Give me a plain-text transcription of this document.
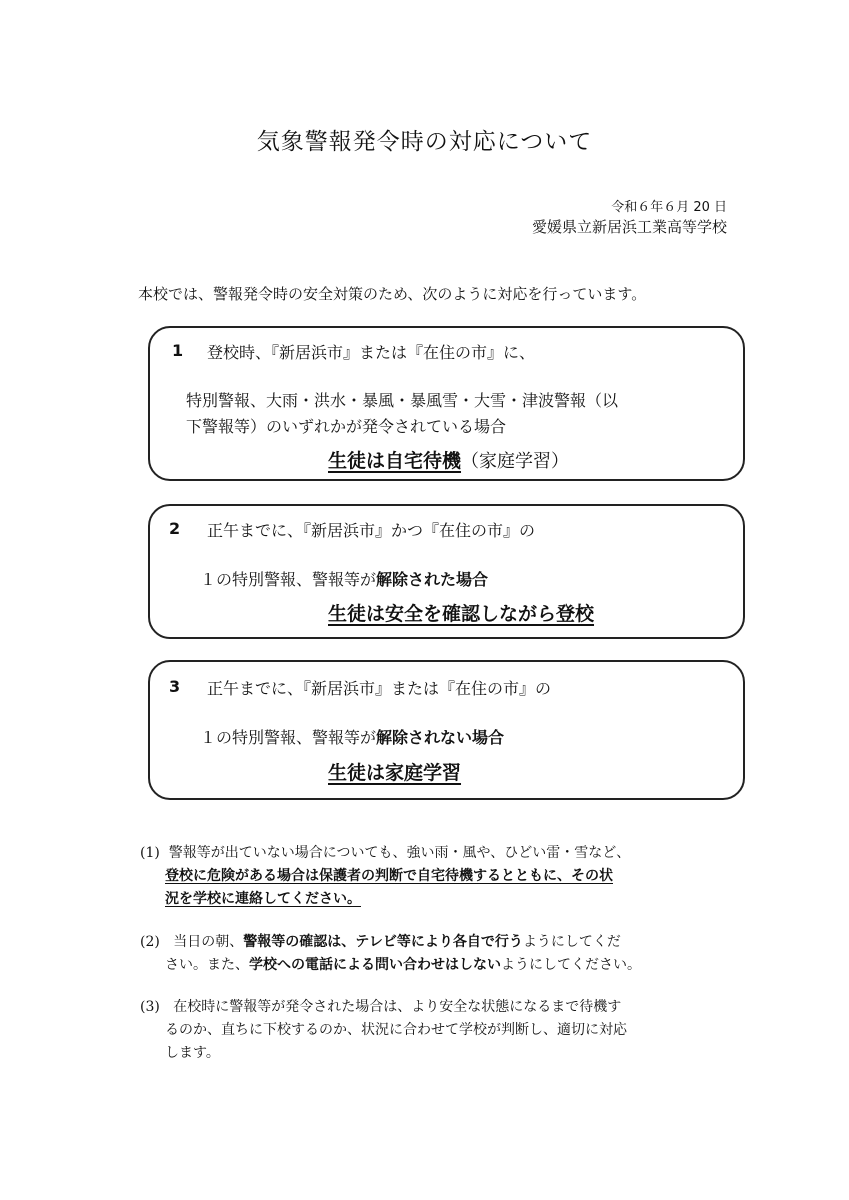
気象警報発令時の対応について
令和６年６月 20 日
愛媛県立新居浜工業高等学校
本校では、警報発令時の安全対策のため、次のように対応を行っています。
1 登校時、『新居浜市』または『在住の市』に、
特別警報、大雨・洪水・暴風・暴風雪・大雪・津波警報（以
下警報等）のいずれかが発令されている場合
生徒は自宅待機（家庭学習）
2 正午までに、『新居浜市』かつ『在住の市』の
１の特別警報、警報等が解除された場合
生徒は安全を確認しながら登校
3 正午までに、『新居浜市』または『在住の市』の
１の特別警報、警報等が解除されない場合
生徒は家庭学習
(1) 警報等が出ていない場合についても、強い雨・風や、ひどい雷・雪など、
登校に危険がある場合は保護者の判断で自宅待機するとともに、その状
況を学校に連絡してください。
(2) 当日の朝、警報等の確認は、テレビ等により各自で行うようにしてくだ
さい。また、学校への電話による問い合わせはしないようにしてください。
(3) 在校時に警報等が発令された場合は、より安全な状態になるまで待機す
るのか、直ちに下校するのか、状況に合わせて学校が判断し、適切に対応
します。
